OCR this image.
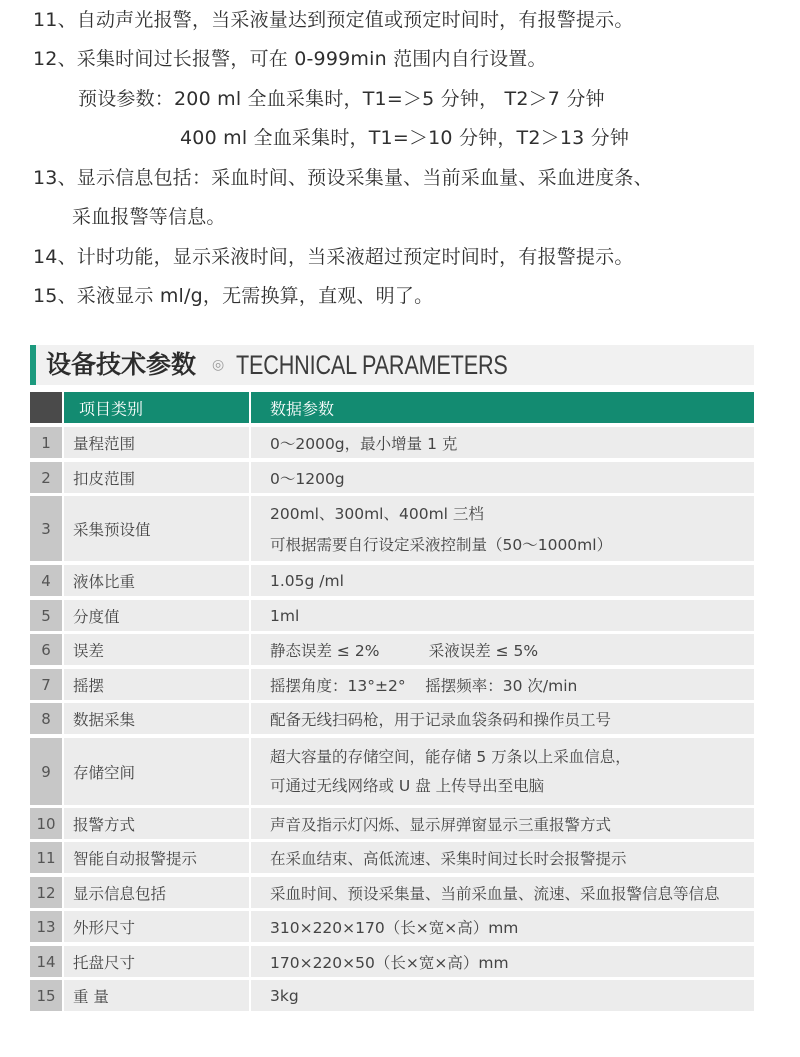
11、自动声光报警，当采液量达到预定值或预定时间时，有报警提示。
12、采集时间过长报警，可在 0-999min 范围内自行设置。
预设参数：200 ml 全血采集时，T1=＞5 分钟， T2＞7 分钟
400 ml 全血采集时，T1=＞10 分钟，T2＞13 分钟
13、显示信息包括：采血时间、预设采集量、当前采血量、采血进度条、
采血报警等信息。
14、计时功能，显示采液时间，当采液超过预定时间时，有报警提示。
15、采液显示 ml/g，无需换算，直观、明了。
设备技术参数 ◎ TECHNICAL PARAMETERS
项目类别	数据参数
1	量程范围	0～2000g，最小增量 1 克
2	扣皮范围	0～1200g
3	采集预设值
200ml、300ml、400ml 三档
可根据需要自行设定采液控制量（50～1000ml）
4	液体比重	1.05g /ml
5	分度值	1ml
6	误差	静态误差 ≤ 2%          采液误差 ≤ 5%
7	摇摆	摇摆角度：13°±2°    摇摆频率：30 次/min
8	数据采集	配备无线扫码枪，用于记录血袋条码和操作员工号
9	存储空间
超大容量的存储空间，能存储 5 万条以上采血信息，
可通过无线网络或 U 盘 上传导出至电脑
10	报警方式	声音及指示灯闪烁、显示屏弹窗显示三重报警方式
11	智能自动报警提示	在采血结束、高低流速、采集时间过长时会报警提示
12	显示信息包括	采血时间、预设采集量、当前采血量、流速、采血报警信息等信息
13	外形尺寸	310×220×170（长×宽×高）mm
14	托盘尺寸	170×220×50（长×宽×高）mm
15	重 量	3kg
